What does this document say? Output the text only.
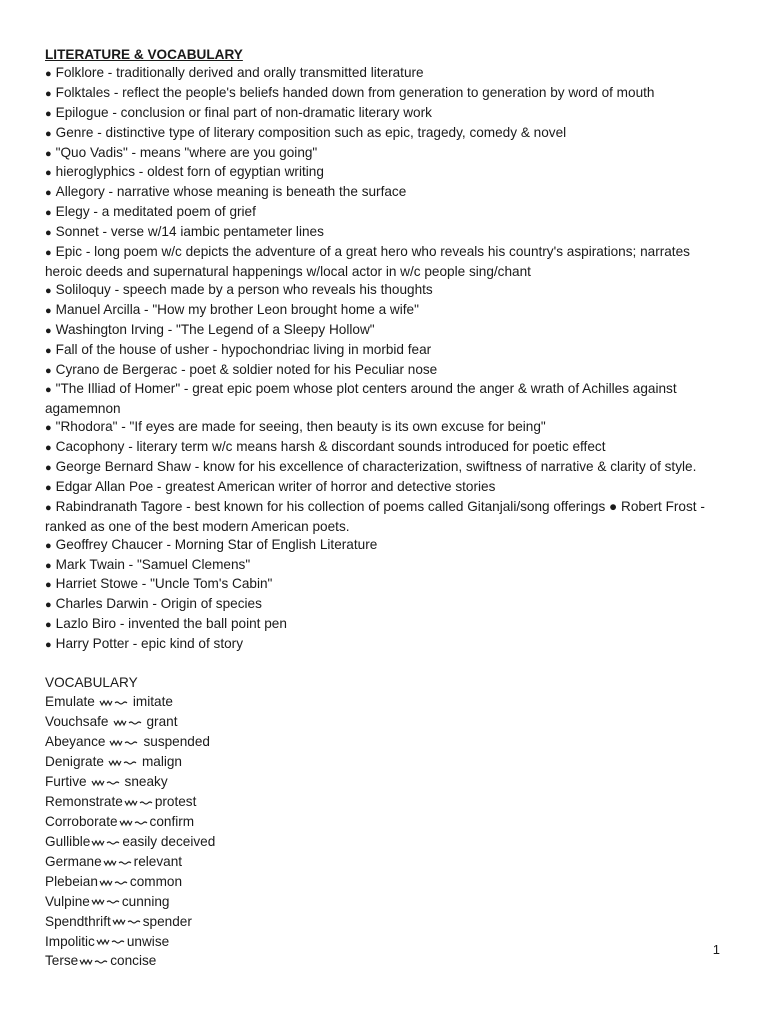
LITERATURE & VOCABULARY

●Folklore - traditionally derived and orally transmitted literature

●Folktales - reflect the people's beliefs handed down from generation to generation by word of mouth

●Epilogue - conclusion or final part of non-dramatic literary work

●Genre - distinctive type of literary composition such as epic, tragedy, comedy & novel

●"Quo Vadis" - means "where are you going"

●hieroglyphics - oldest forn of egyptian writing

●Allegory - narrative whose meaning is beneath the surface

●Elegy - a meditated poem of grief

●Sonnet - verse w/14 iambic pentameter lines

●Epic - long poem w/c depicts the adventure of a great hero who reveals his country's aspirations; narrates heroic deeds and supernatural happenings w/local actor in w/c people sing/chant

●Soliloquy - speech made by a person who reveals his thoughts

●Manuel Arcilla - "How my brother Leon brought home a wife"

●Washington Irving - "The Legend of a Sleepy Hollow"

●Fall of the house of usher - hypochondriac living in morbid fear

●Cyrano de Bergerac - poet & soldier noted for his Peculiar nose

●"The Illiad of Homer" - great epic poem whose plot centers around the anger & wrath of Achilles against agamemnon

●"Rhodora" - "If eyes are made for seeing, then beauty is its own excuse for being"

●Cacophony - literary term w/c means harsh & discordant sounds introduced for poetic effect

●George Bernard Shaw - know for his excellence of characterization, swiftness of narrative & clarity of style.

●Edgar Allan Poe - greatest American writer of horror and detective stories

●Rabindranath Tagore - best known for his collection of poems called Gitanjali/song offerings ● Robert Frost - ranked as one of the best modern American poets.

●Geoffrey Chaucer - Morning Star of English Literature

●Mark Twain - "Samuel Clemens"

●Harriet Stowe - "Uncle Tom's Cabin"

●Charles Darwin - Origin of species

●Lazlo Biro - invented the ball point pen

●Harry Potter - epic kind of story

VOCABULARY

Emulate	imitate

Vouchsafe	grant

Abeyance	suspended

Denigrate	malign

Furtive	sneaky

Remonstrate protest

Corroborate confirm

Gullible easily deceived

Germane relevant

Plebeian common

Vulpine cunning

Spendthrift spender

Impolitic unwise

Terse concise

1
